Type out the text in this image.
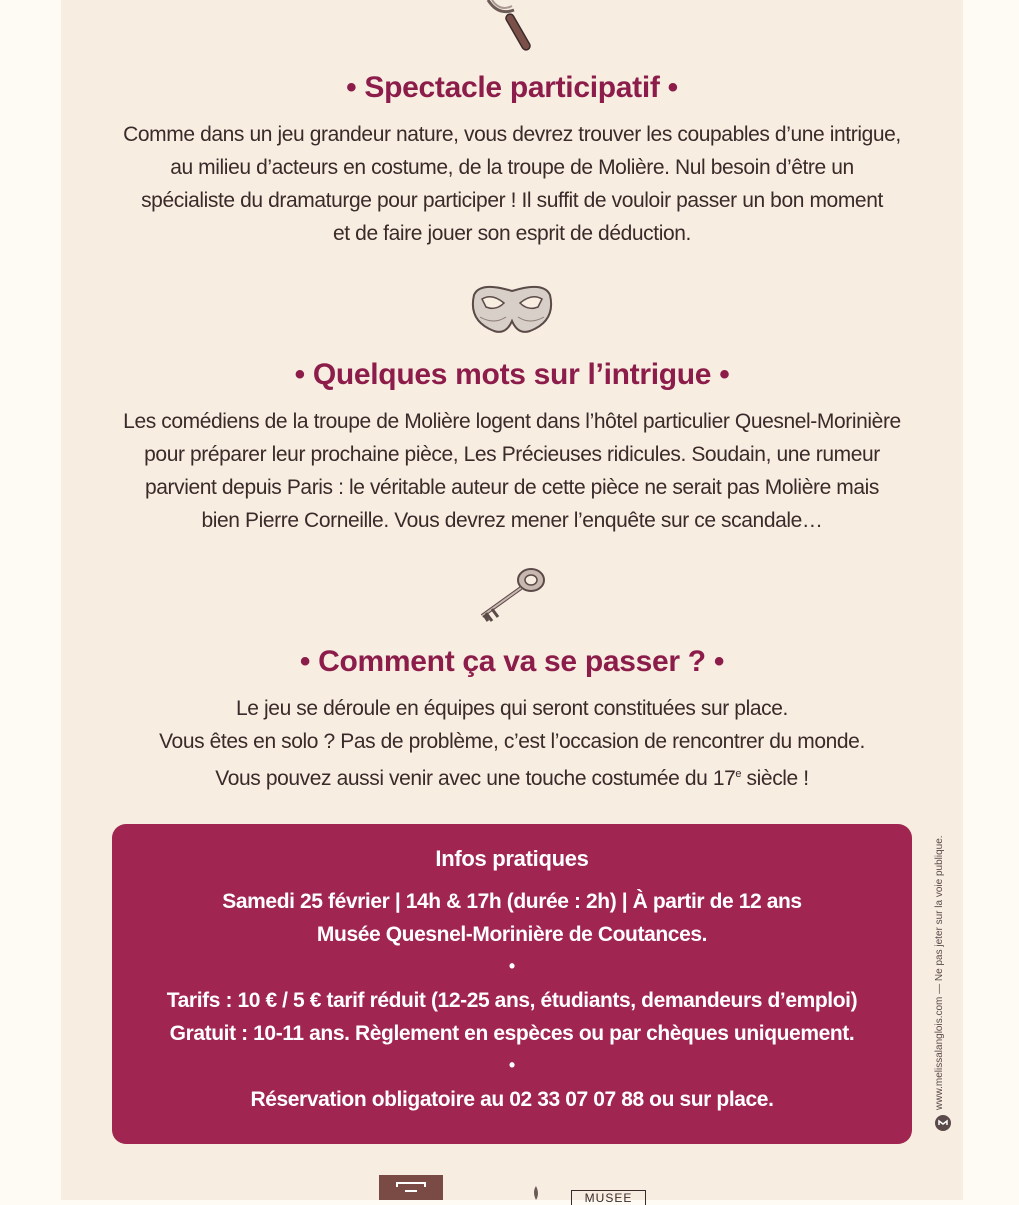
• Spectacle participatif •

Comme dans un jeu grandeur nature, vous devrez trouver les coupables d’une intrigue,
au milieu d’acteurs en costume, de la troupe de Molière. Nul besoin d’être un
spécialiste du dramaturge pour participer ! Il suffit de vouloir passer un bon moment
et de faire jouer son esprit de déduction.

• Quelques mots sur l’intrigue •

Les comédiens de la troupe de Molière logent dans l’hôtel particulier Quesnel-Morinière
pour préparer leur prochaine pièce, Les Précieuses ridicules. Soudain, une rumeur
parvient depuis Paris : le véritable auteur de cette pièce ne serait pas Molière mais
bien Pierre Corneille. Vous devrez mener l’enquête sur ce scandale…

• Comment ça va se passer ? •

Le jeu se déroule en équipes qui seront constituées sur place.
Vous êtes en solo ? Pas de problème, c’est l’occasion de rencontrer du monde.
Vous pouvez aussi venir avec une touche costumée du 17e siècle !

Infos pratiques
Samedi 25 février | 14h & 17h (durée : 2h) | À partir de 12 ans
Musée Quesnel-Morinière de Coutances.
•
Tarifs : 10 € / 5 € tarif réduit (12-25 ans, étudiants, demandeurs d’emploi)
Gratuit : 10-11 ans. Règlement en espèces ou par chèques uniquement.
•
Réservation obligatoire au 02 33 07 07 88 ou sur place.	www.melissalanglois.com — Ne pas jeter sur la voie publique.
MUSEE
